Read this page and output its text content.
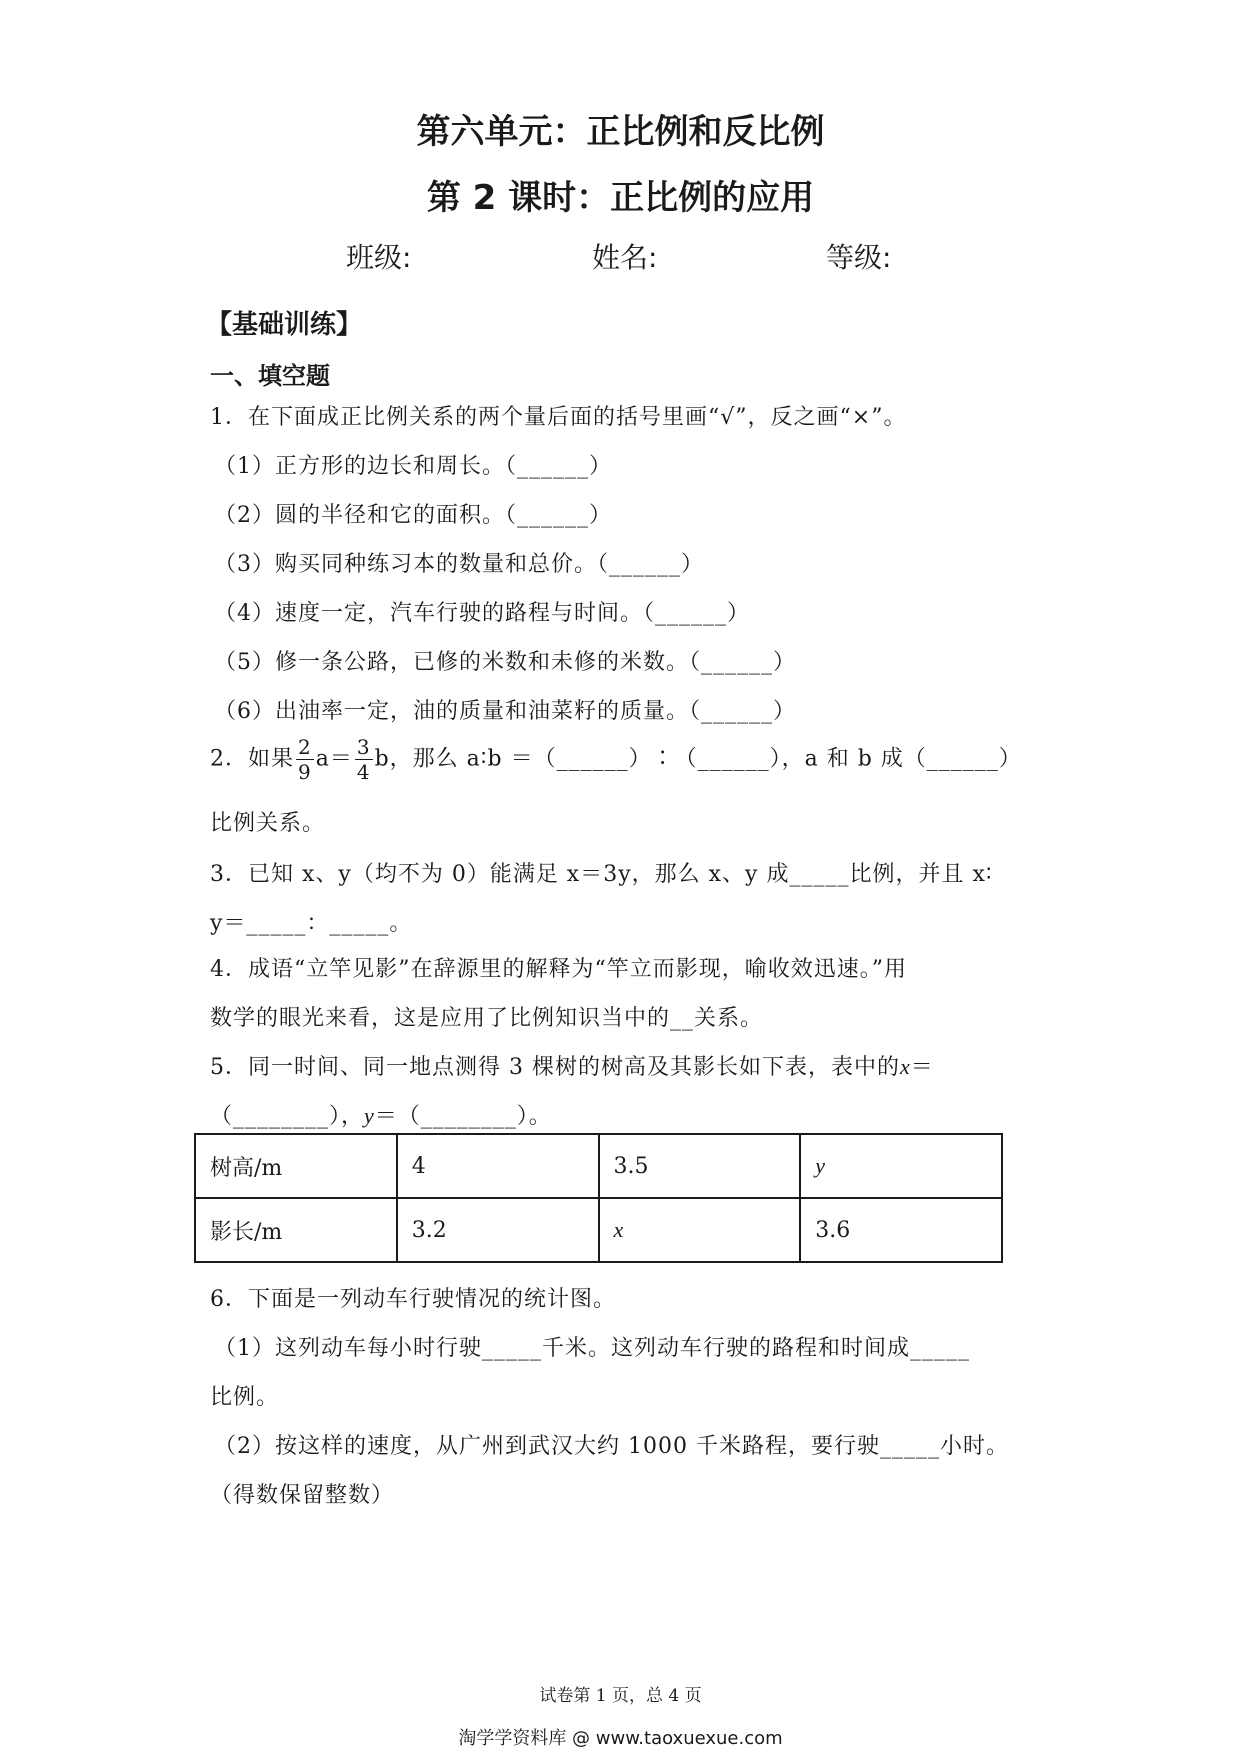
第六单元：正比例和反比例
第 2 课时：正比例的应用
班级:	姓名:	等级:
【基础训练】
一、填空题
1．在下面成正比例关系的两个量后面的括号里画“√”，反之画“×”。
（1）正方形的边长和周长。（______）
（2）圆的半径和它的面积。（______）
（3）购买同种练习本的数量和总价。（______）
（4）速度一定，汽车行驶的路程与时间。（______）
（5）修一条公路，已修的米数和未修的米数。（______）
（6）出油率一定，油的质量和油菜籽的质量。（______）
2．如果 $\frac{2}{9} a= \frac{3}{4}$ b，那么 a∶b ＝（______）∶（______），a 和 b 成（______）
比例关系。
3．已知 x、y（均不为 0）能满足 x＝3y，那么 x、y 成_____比例，并且 x∶
y＝_____：_____。
4．成语“立竿见影”在辞源里的解释为“竿立而影现，喻收效迅速。”用
数学的眼光来看，这是应用了比例知识当中的__关系。
5．同一时间、同一地点测得 3 棵树的树高及其影长如下表，表中的x＝
（________），y＝（________）。
树高/m	4	3.5	y
影长/m	3.2	x	3.6
6．下面是一列动车行驶情况的统计图。
（1）这列动车每小时行驶_____千米。这列动车行驶的路程和时间成_____
比例。
（2）按这样的速度，从广州到武汉大约 1000 千米路程，要行驶_____小时。
（得数保留整数）
试卷第 1 页，总 4 页
淘学学资料库 @ www.taoxuexue.com
